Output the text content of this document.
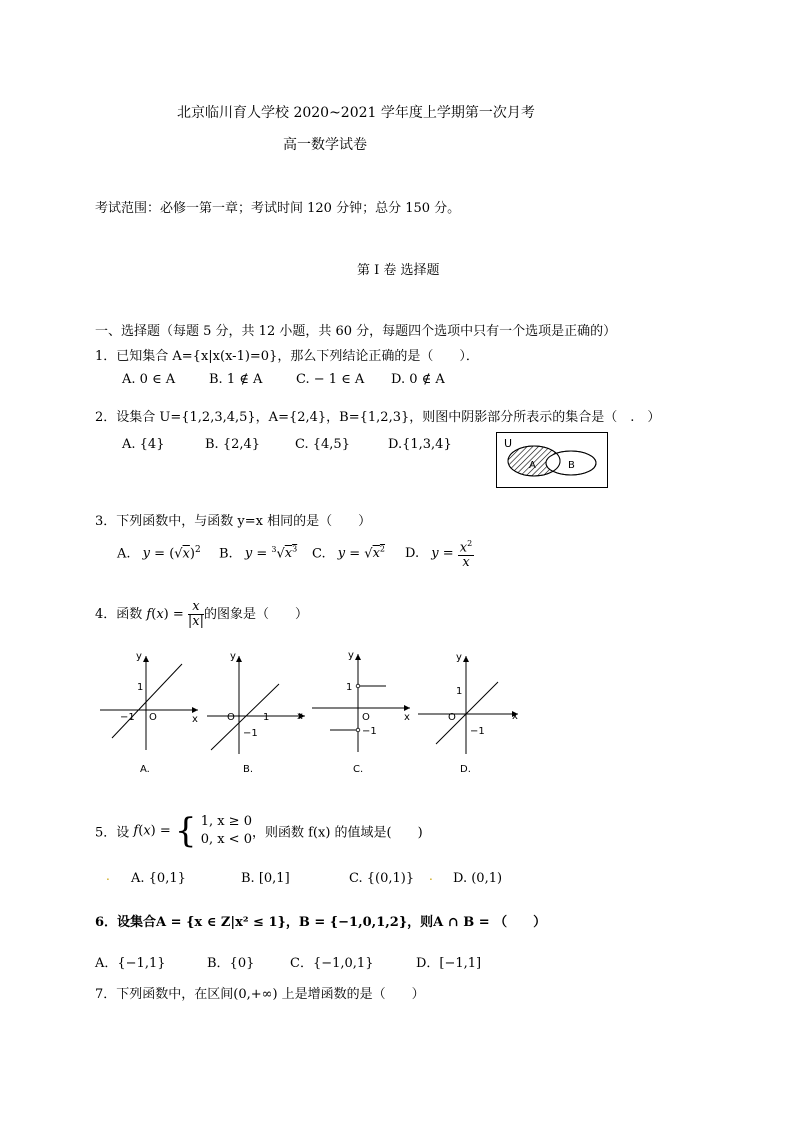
北京临川育人学校 2020~2021 学年度上学期第一次月考
高一数学试卷
考试范围：必修一第一章；考试时间 120 分钟；总分 150 分。
第 I 卷 选择题
一、选择题（每题 5 分，共 12 小题，共 60 分，每题四个选项中只有一个选项是正确的）
1．已知集合 A={x|x(x-1)=0}，那么下列结论正确的是（　　）．
A. 0 ∈ A	B. 1 ∉ A	C. − 1 ∈ A D. 0 ∉ A
2．设集合 U={1,2,3,4,5}，A={2,4}，B={1,2,3}，则图中阴影部分所表示的集合是（　.　）
A. {4}	B. {2,4}	C. {4,5}	D.{1,3,4}	U
A	B
3．下列函数中，与函数 y=x 相同的是（　　）
A. $y = (√x)^2$ B. $y = ^3√x^3$ C. $y = √x^2$ D. $y = \frac{x^2}{x}$
4．函数 $f(x) = \frac{x}{|x|}$ 的图象是（　　）
y
x
O
1
−1
A.
y
x
O	1
−1
B.
y
x
O
1
−1
C.
y
x
O
1
−1
D.
5．设 f(x) = { 1, x ≥ 0
0, x < 0 ，则函数 f(x) 的值域是(　　)
. A. {0,1}	B. [0,1]	C. {(0,1)} . D. (0,1)
6．设集合A = {x ∈ Z|x² ≤ 1}，B = {−1,0,1,2}，则A ∩ B = （　　）
A．{−1,1}	B．{0}	C．{−1,0,1}	D．[−1,1]
7．下列函数中，在区间(0,+∞) 上是增函数的是（　　）
